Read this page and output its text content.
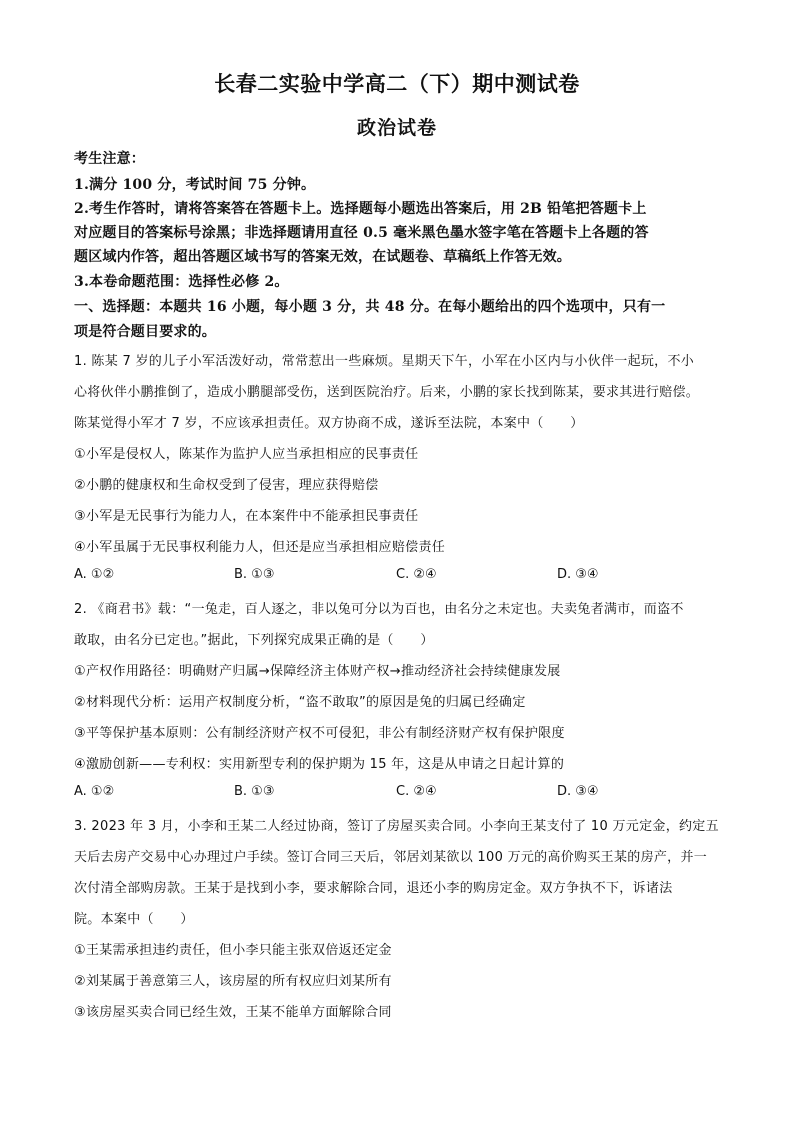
长春二实验中学高二（下）期中测试卷
政治试卷
考生注意：
1.满分 100 分，考试时间 75 分钟。
2.考生作答时，请将答案答在答题卡上。选择题每小题选出答案后，用 2B 铅笔把答题卡上
对应题目的答案标号涂黑；非选择题请用直径 0.5 毫米黑色墨水签字笔在答题卡上各题的答
题区域内作答，超出答题区域书写的答案无效，在试题卷、草稿纸上作答无效。
3.本卷命题范围：选择性必修 2。
一、选择题：本题共 16 小题，每小题 3 分，共 48 分。在每小题给出的四个选项中，只有一
项是符合题目要求的。
1. 陈某 7 岁的儿子小军活泼好动，常常惹出一些麻烦。星期天下午，小军在小区内与小伙伴一起玩，不小
心将伙伴小鹏推倒了，造成小鹏腿部受伤，送到医院治疗。后来，小鹏的家长找到陈某，要求其进行赔偿。
陈某觉得小军才 7 岁，不应该承担责任。双方协商不成，遂诉至法院，本案中（　　）
①小军是侵权人，陈某作为监护人应当承担相应的民事责任
②小鹏的健康权和生命权受到了侵害，理应获得赔偿
③小军是无民事行为能力人，在本案件中不能承担民事责任
④小军虽属于无民事权利能力人，但还是应当承担相应赔偿责任
A. ①②	B. ①③	C. ②④	D. ③④
2. 《商君书》载：“一兔走，百人逐之，非以兔可分以为百也，由名分之未定也。夫卖兔者满市，而盗不
敢取，由名分已定也。”据此，下列探究成果正确的是（　　）
①产权作用路径：明确财产归属→保障经济主体财产权→推动经济社会持续健康发展
②材料现代分析：运用产权制度分析，“盗不敢取”的原因是兔的归属已经确定
③平等保护基本原则：公有制经济财产权不可侵犯，非公有制经济财产权有保护限度
④激励创新——专利权：实用新型专利的保护期为 15 年，这是从申请之日起计算的
A. ①②	B. ①③	C. ②④	D. ③④
3. 2023 年 3 月，小李和王某二人经过协商，签订了房屋买卖合同。小李向王某支付了 10 万元定金，约定五
天后去房产交易中心办理过户手续。签订合同三天后，邻居刘某欲以 100 万元的高价购买王某的房产，并一
次付清全部购房款。王某于是找到小李，要求解除合同，退还小李的购房定金。双方争执不下，诉诸法
院。本案中（　　）
①王某需承担违约责任，但小李只能主张双倍返还定金
②刘某属于善意第三人，该房屋的所有权应归刘某所有
③该房屋买卖合同已经生效，王某不能单方面解除合同
